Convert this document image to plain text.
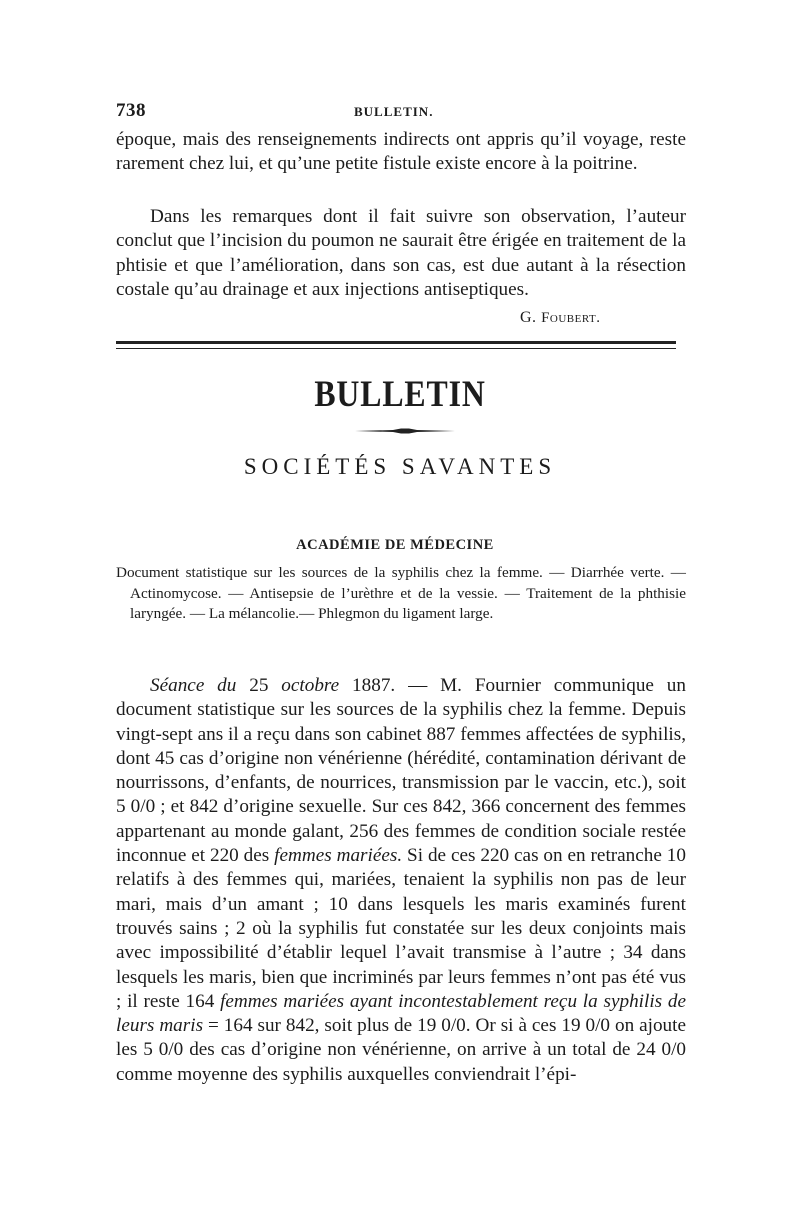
738	BULLETIN.

époque, mais des renseignements indirects ont appris qu’il voyage, reste rarement chez lui, et qu’une petite fistule existe encore à la poitrine.

Dans les remarques dont il fait suivre son observation, l’auteur conclut que l’incision du poumon ne saurait être érigée en traitement de la phtisie et que l’amélioration, dans son cas, est due autant à la résection costale qu’au drainage et aux injections antiseptiques.

G. Foubert.
BULLETIN
SOCIÉTÉS SAVANTES
ACADÉMIE DE MÉDECINE

Document statistique sur les sources de la syphilis chez la femme. — Diarrhée verte. — Actinomycose. — Antisepsie de l’urèthre et de la vessie. — Traitement de la phthisie laryngée. — La mélancolie.— Phlegmon du ligament large.

Séance du 25 octobre 1887. — M. Fournier communique un document statistique sur les sources de la syphilis chez la femme. Depuis vingt-sept ans il a reçu dans son cabinet 887 femmes affectées de syphilis, dont 45 cas d’origine non vénérienne (hérédité, contamination dérivant de nourrissons, d’enfants, de nourrices, transmission par le vaccin, etc.), soit 5 0/0 ; et 842 d’origine sexuelle. Sur ces 842, 366 concernent des femmes appartenant au monde galant, 256 des femmes de condition sociale restée inconnue et 220 des femmes mariées. Si de ces 220 cas on en retranche 10 relatifs à des femmes qui, mariées, tenaient la syphilis non pas de leur mari, mais d’un amant ; 10 dans lesquels les maris examinés furent trouvés sains ; 2 où la syphilis fut constatée sur les deux conjoints mais avec impossibilité d’établir lequel l’avait transmise à l’autre ; 34 dans lesquels les maris, bien que incriminés par leurs femmes n’ont pas été vus ; il reste 164 femmes mariées ayant incontestablement reçu la syphilis de leurs maris = 164 sur 842, soit plus de 19 0/0. Or si à ces 19 0/0 on ajoute les 5 0/0 des cas d’origine non vénérienne, on arrive à un total de 24 0/0 comme moyenne des syphilis auxquelles conviendrait l’épi-
